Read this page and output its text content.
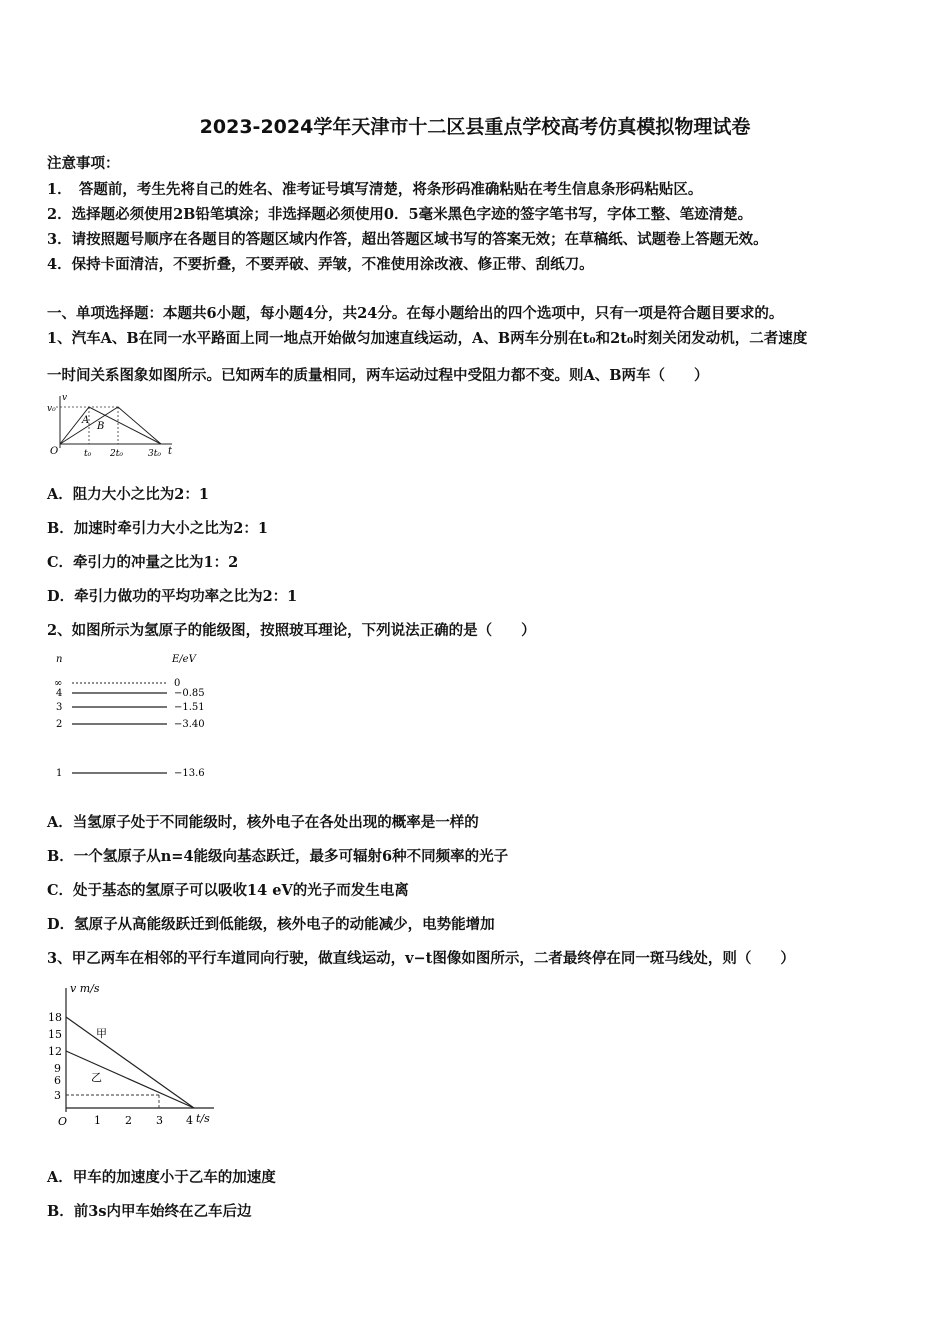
2023-2024学年天津市十二区县重点学校高考仿真模拟物理试卷
注意事项：
1．　答题前，考生先将自己的姓名、准考证号填写清楚，将条形码准确粘贴在考生信息条形码粘贴区。
2．选择题必须使用2B铅笔填涂；非选择题必须使用0．5毫米黑色字迹的签字笔书写，字体工整、笔迹清楚。
3．请按照题号顺序在各题目的答题区域内作答，超出答题区域书写的答案无效；在草稿纸、试题卷上答题无效。
4．保持卡面清洁，不要折叠，不要弄破、弄皱，不准使用涂改液、修正带、刮纸刀。
一、单项选择题：本题共6小题，每小题4分，共24分。在每小题给出的四个选项中，只有一项是符合题目要求的。
1、汽车A、B在同一水平路面上同一地点开始做匀加速直线运动，A、B两车分别在t₀和2t₀时刻关闭发动机，二者速度
一时间关系图象如图所示。已知两车的质量相同，两车运动过程中受阻力都不变。则A、B两车（　　）
v
v₀
O
A
B
t₀ 2t₀	3t₀ t
A．阻力大小之比为2：1
B．加速时牵引力大小之比为2：1
C．牵引力的冲量之比为1：2
D．牵引力做功的平均功率之比为2：1
2、如图所示为氢原子的能级图，按照玻耳理论，下列说法正确的是（　　）
n	E/eV
∞
4
3
2
1
0
−0.85
−1.51
−3.40
−13.6
A．当氢原子处于不同能级时，核外电子在各处出现的概率是一样的
B．一个氢原子从n=4能级向基态跃迁，最多可辐射6种不同频率的光子
C．处于基态的氢原子可以吸收14 eV的光子而发生电离
D．氢原子从高能级跃迁到低能级，核外电子的动能减少，电势能增加
3、甲乙两车在相邻的平行车道同向行驶，做直线运动，v−t图像如图所示，二者最终停在同一斑马线处，则（　　）
v m/s
t/s
O
18
15
12
9
6
3
1 2 3 4
甲
乙
A．甲车的加速度小于乙车的加速度
B．前3s内甲车始终在乙车后边
